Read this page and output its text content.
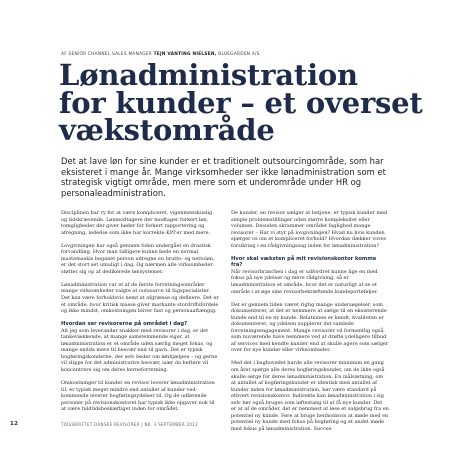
AF SENIOR CHANNEL SALES MANAGER TEJN VANTING NIELSEN, BLUEGARDEN A/S
Lønadministration
for kunder – et overset
vækstområde

Det at lave løn for sine kunder er et traditionelt outsourcingområde, som har eksisteret i mange år. Mange virksomheder ser ikke lønadministration som et strategisk vigtigt område, men mere som et underområde under HR og personaleadministration.

Disciplinen har ry for at være kompliceret, vigenmenskuelig og tidskrævende. Lønmodtagere der modtager forkert løn, tomgligheder der giver bøder for forkert rapportering og afregning, lededse som ikke har korrekte KPI'er med mere.

Lovgivningen har også gennem tiden undergået en drastisk forvandling. Hvor man tidligere kunne bede en normal mastemaskis beganet person udregne en brutto- og nettoløn, er det stort set umuligt i dag. Og nærmen alle virksomheder støtter sig op af dedikerede lønsystemer.

Lønadministration var et af de første forretningsområder mange virksomheder valgte at outsource til fagspecialister. Det kan være forholdsvis nemt at afgrænse og definere. Det er et område, hvor kritisk masse giver markante stordriftsfordele og ikke mindst, omkostningen bliver fast og personaaftængig.

Hvordan ser revisorerne på området i dag?

Alt jeg som leverandør snakker med revisorer i dag, er det tankevækkende, at mange samstemmende siger, at lønadministration er et område uden særlig meget fokus, og mange endda mere til besvær end til gavn. Det er typisk bogføringskonderne, der selv beder om lønhjælpen – og gerne vil slippe for det administrative besvær, især da heftere vil koncentrere sig om deres kerneforretning.

Omkostninger til kunder en revisor leverer lønadministration til, er typisk meget mindre end antallet af kunder vedkommende leverer bogføringsydelser til. Og de udførende personer på revisionskontoret har typisk ikke opgaver nok til at være fuldtidsbeskæftiget inden for området.

De kunder, en revisor sælger at betjene, er typisk kunder med simple problemstillinger uden større kompleksitet eller volumen. Desuden skrammer området faglighed mange revisorer – Har vi styr på lovgivningen? Hvad nu hvis kunden spørger os om et kompliceret forhold? Hvordan dækker vores forsikring i en rådgivningssag inden for lønadministration?

Hvor skal væksten på mit revisionskontor komme fra?

Når revisorbranchen i dag er udfordret kunne lige en med fokus på nye ydelser og mere rådgivning, så er lønadministration et område, hvor det er naturligt at se et område i at øge sine revisorbekræftende kundeporteføljer.

Det er gennem tiden været rigtig mange undersøgelser, som dokumenterer, at det er nemmere at sælge til en eksisterende kunde end til en ny kunde. Relationen er kendt, kvaliteten er dokumenteret, og ydelsen supplerer det samlede forretningsengagement. Mange revisorer vil formentlig også som nuværende have nemmere ved at drøfte ydelligere tilbud af services med kendte kunder end at skulle agere som sælger over for nye kunder eller virksomheder.

Med det i baghovedet burde alle revisorer minimum en gang om året spørge alle deres bogføringskunder, om de ikke også skulle sørge for deres lønadministration. En målsætning, om at antallet af bogføringskunder er identisk med antallet af kunder inden for lønadministration, bør være standard på ethvert revisionskontor. Indirekte kan lønadministration i sig selv bør også bruges som løftestang til at få nye kunder. Det er at af de områder, det er nemmest at løse et salgsbrug fra en potentiel ny kunde. Føre at bruge henholdsvis at møde med en potentiel ny kunde med fokus på bogføring og et andet møde med fokus på lønadministration. Succes-

12	TIDSSKRIFTET DANSKE REVISORER | NR. 3 SEPTEMBER 2013
